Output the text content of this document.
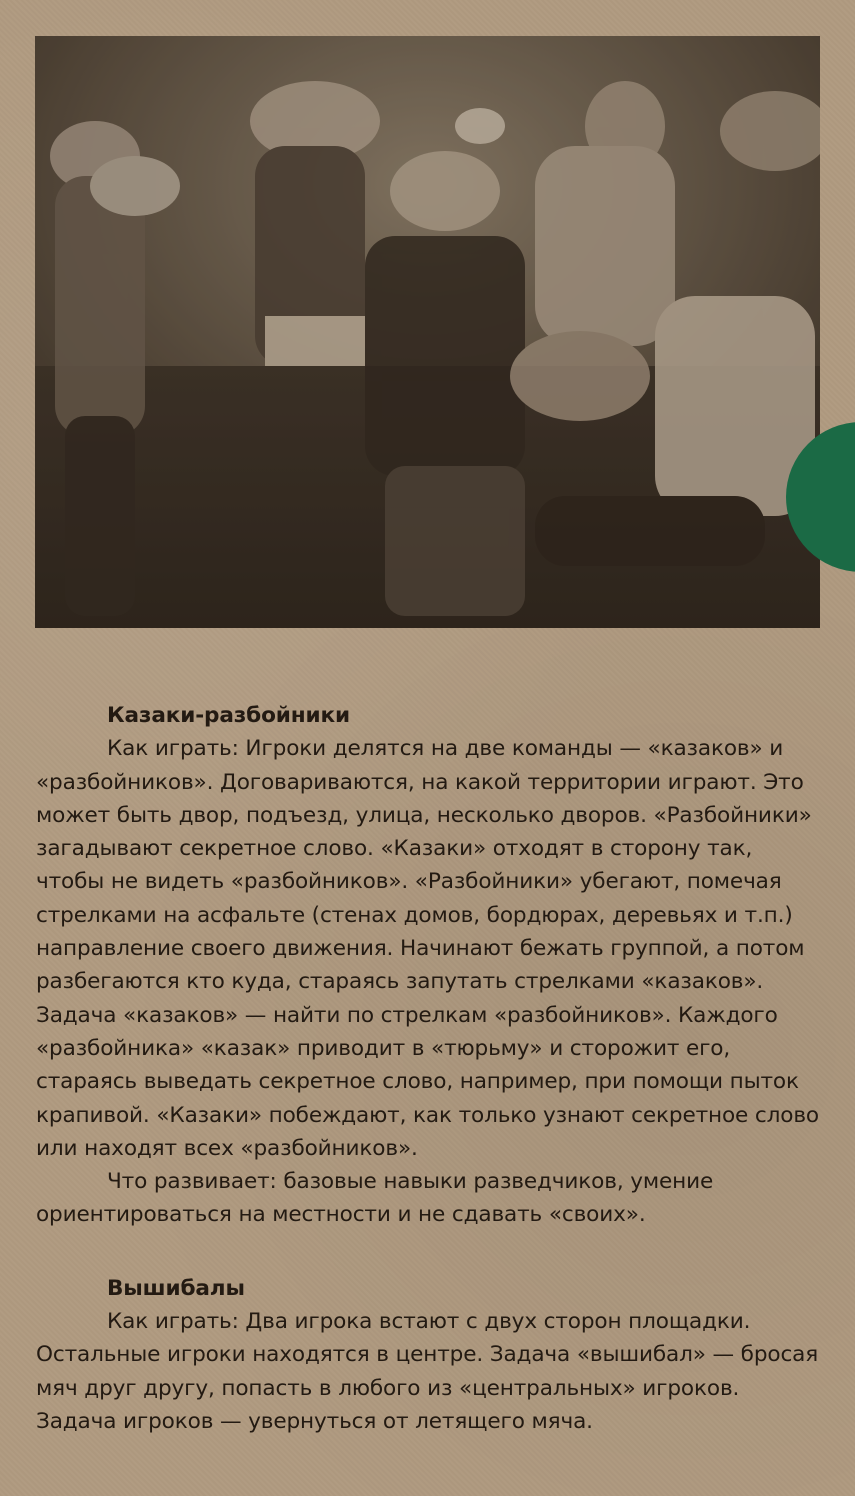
Казаки-разбойники

Как играть: Игроки делятся на две команды — «казаков» и «разбойников». Договариваются, на какой территории играют. Это может быть двор, подъезд, улица, несколько дворов. «Разбойники» загадывают секретное слово. «Казаки» отходят в сторону так, чтобы не видеть «разбойников». «Разбойники» убегают, помечая стрелками на асфальте (стенах домов, бордюрах, деревьях и т.п.) направление своего движения. Начинают бежать группой, а потом разбегаются кто куда, стараясь запутать стрелками «казаков». Задача «казаков» — найти по стрелкам «разбойников». Каждого «разбойника» «казак» приводит в «тюрьму» и сторожит его, стараясь выведать секретное слово, например, при помощи пыток крапивой. «Казаки» побеждают, как только узнают секретное слово или находят всех «разбойников».

Что развивает: базовые навыки разведчиков, умение ориентироваться на местности и не сдавать «своих».

Вышибалы

Как играть: Два игрока встают с двух сторон площадки. Остальные игроки находятся в центре. Задача «вышибал» — бросая мяч друг другу, попасть в любого из «центральных» игроков. Задача игроков — увернуться от летящего мяча.
